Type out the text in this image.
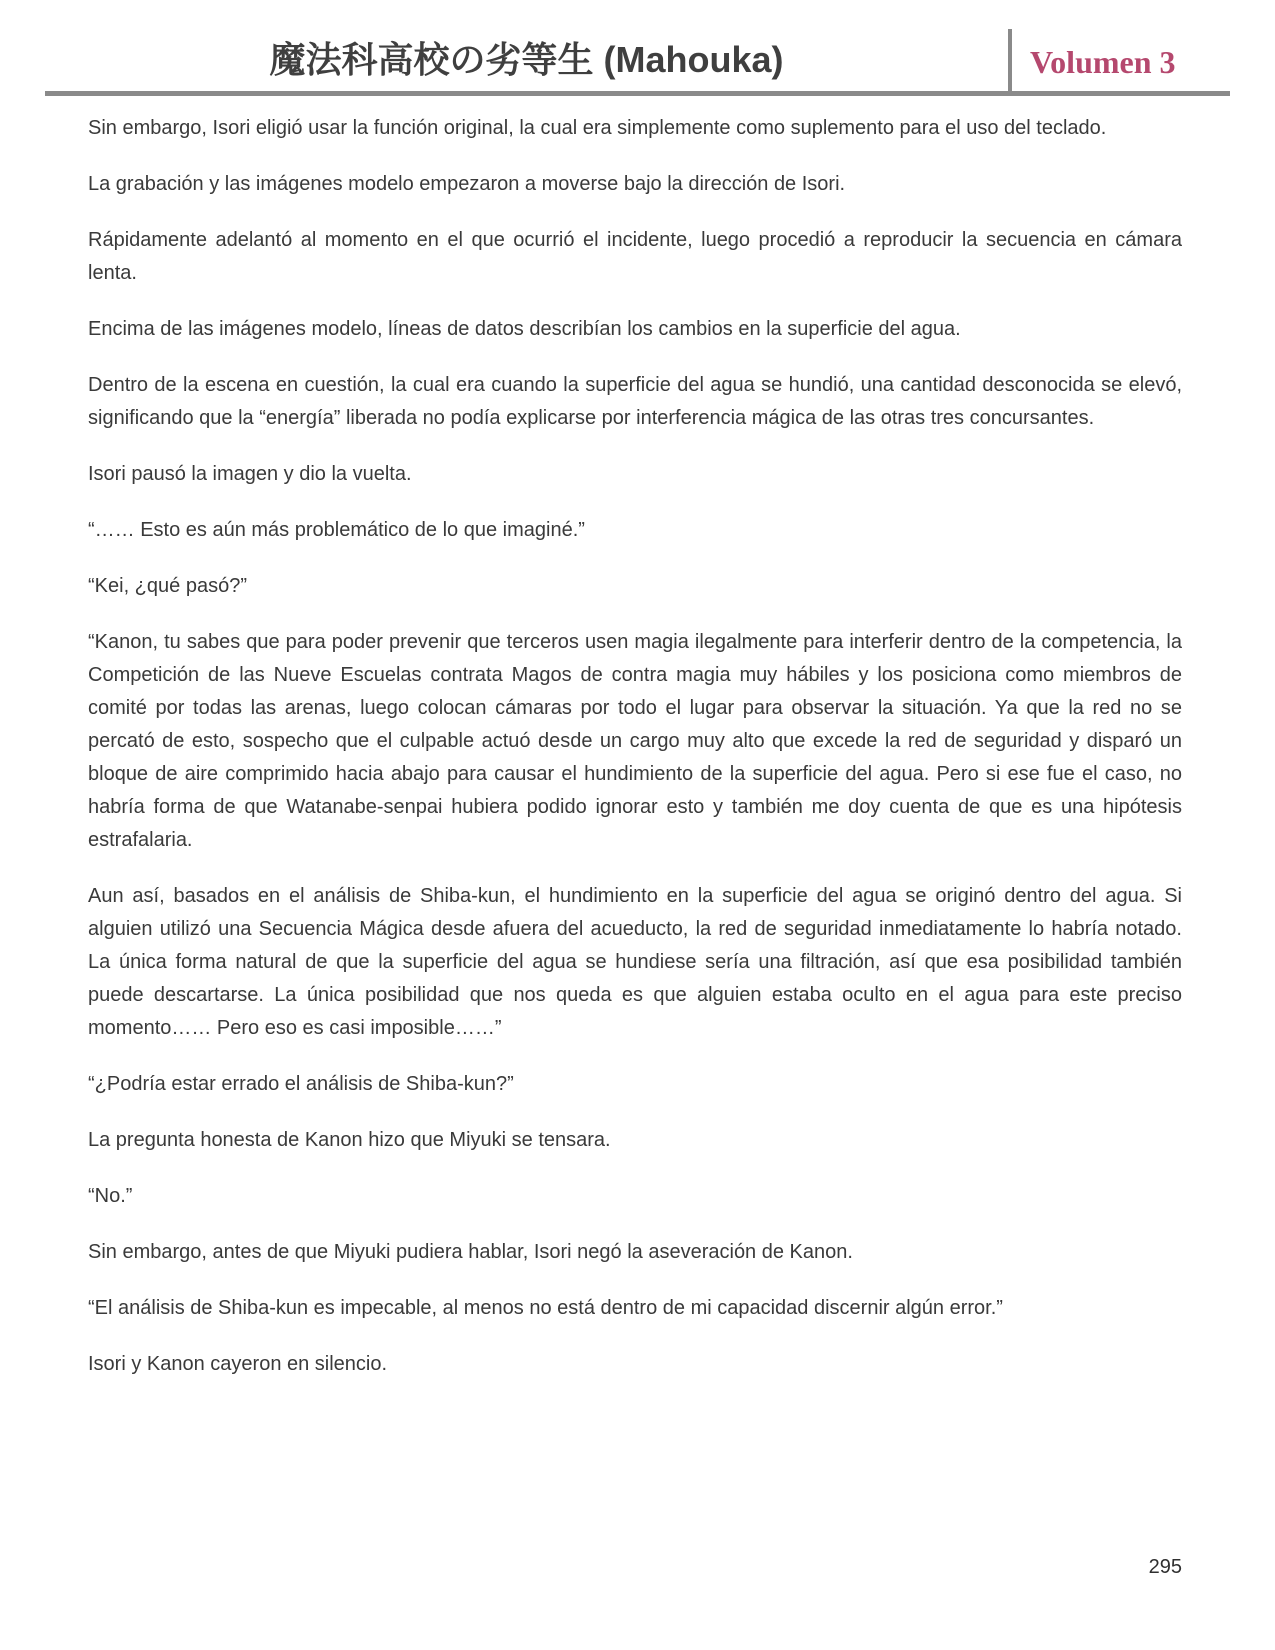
魔法科高校の劣等生 (Mahouka)	Volumen 3

Sin embargo, Isori eligió usar la función original, la cual era simplemente como suplemento para el uso del teclado.

La grabación y las imágenes modelo empezaron a moverse bajo la dirección de Isori.

Rápidamente adelantó al momento en el que ocurrió el incidente, luego procedió a reproducir la secuencia en cámara lenta.

Encima de las imágenes modelo, líneas de datos describían los cambios en la superficie del agua.

Dentro de la escena en cuestión, la cual era cuando la superficie del agua se hundió, una cantidad desconocida se elevó, significando que la “energía” liberada no podía explicarse por interferencia mágica de las otras tres concursantes.

Isori pausó la imagen y dio la vuelta.

“…… Esto es aún más problemático de lo que imaginé.”

“Kei, ¿qué pasó?”

“Kanon, tu sabes que para poder prevenir que terceros usen magia ilegalmente para interferir dentro de la competencia, la Competición de las Nueve Escuelas contrata Magos de contra magia muy hábiles y los posiciona como miembros de comité por todas las arenas, luego colocan cámaras por todo el lugar para observar la situación. Ya que la red no se percató de esto, sospecho que el culpable actuó desde un cargo muy alto que excede la red de seguridad y disparó un bloque de aire comprimido hacia abajo para causar el hundimiento de la superficie del agua. Pero si ese fue el caso, no habría forma de que Watanabe-senpai hubiera podido ignorar esto y también me doy cuenta de que es una hipótesis estrafalaria.

Aun así, basados en el análisis de Shiba-kun, el hundimiento en la superficie del agua se originó dentro del agua. Si alguien utilizó una Secuencia Mágica desde afuera del acueducto, la red de seguridad inmediatamente lo habría notado. La única forma natural de que la superficie del agua se hundiese sería una filtración, así que esa posibilidad también puede descartarse. La única posibilidad que nos queda es que alguien estaba oculto en el agua para este preciso momento…… Pero eso es casi imposible……”

“¿Podría estar errado el análisis de Shiba-kun?”

La pregunta honesta de Kanon hizo que Miyuki se tensara.

“No.”

Sin embargo, antes de que Miyuki pudiera hablar, Isori negó la aseveración de Kanon.

“El análisis de Shiba-kun es impecable, al menos no está dentro de mi capacidad discernir algún error.”

Isori y Kanon cayeron en silencio.

295
